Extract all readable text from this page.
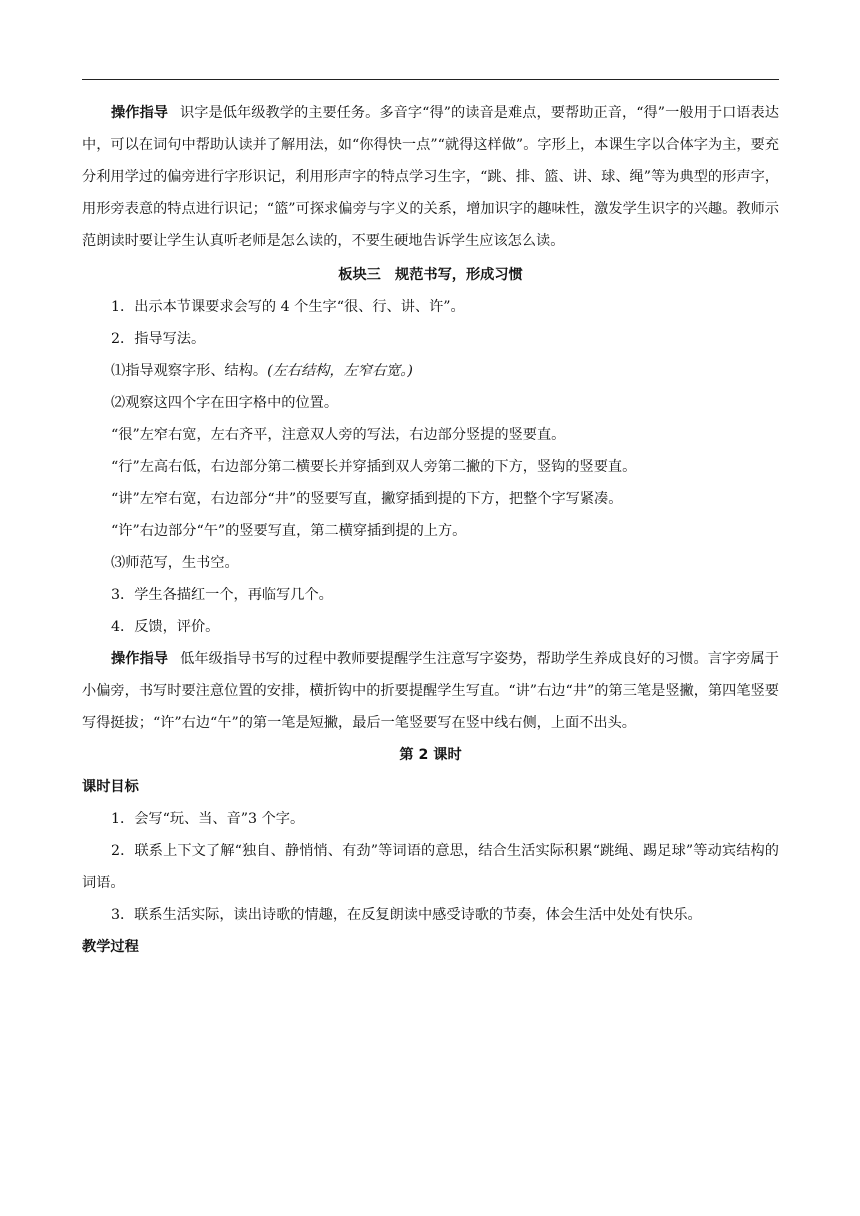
操作指导 识字是低年级教学的主要任务。多音字“得”的读音是难点，要帮助正音，“得”一般用于口语表达中，可以在词句中帮助认读并了解用法，如“你得快一点”“就得这样做”。字形上，本课生字以合体字为主，要充分利用学过的偏旁进行字形识记，利用形声字的特点学习生字，“跳、排、篮、讲、球、绳”等为典型的形声字，用形旁表意的特点进行识记；“篮”可探求偏旁与字义的关系，增加识字的趣味性，激发学生识字的兴趣。教师示范朗读时要让学生认真听老师是怎么读的，不要生硬地告诉学生应该怎么读。

板块三　规范书写，形成习惯

1．出示本节课要求会写的 4 个生字“很、行、讲、许”。

2．指导写法。

⑴指导观察字形、结构。(左右结构，左窄右宽。)

⑵观察这四个字在田字格中的位置。

“很”左窄右宽，左右齐平，注意双人旁的写法，右边部分竖提的竖要直。

“行”左高右低，右边部分第二横要长并穿插到双人旁第二撇的下方，竖钩的竖要直。

“讲”左窄右宽，右边部分“井”的竖要写直，撇穿插到提的下方，把整个字写紧凑。

“许”右边部分“午”的竖要写直，第二横穿插到提的上方。

⑶师范写，生书空。

3．学生各描红一个，再临写几个。

4．反馈，评价。

操作指导 低年级指导书写的过程中教师要提醒学生注意写字姿势，帮助学生养成良好的习惯。言字旁属于小偏旁，书写时要注意位置的安排，横折钩中的折要提醒学生写直。“讲”右边“井”的第三笔是竖撇，第四笔竖要写得挺拔；“许”右边“午”的第一笔是短撇，最后一笔竖要写在竖中线右侧，上面不出头。

第 2 课时

课时目标

1．会写“玩、当、音”3 个字。

2．联系上下文了解“独自、静悄悄、有劲”等词语的意思，结合生活实际积累“跳绳、踢足球”等动宾结构的词语。

3．联系生活实际，读出诗歌的情趣，在反复朗读中感受诗歌的节奏，体会生活中处处有快乐。

教学过程
